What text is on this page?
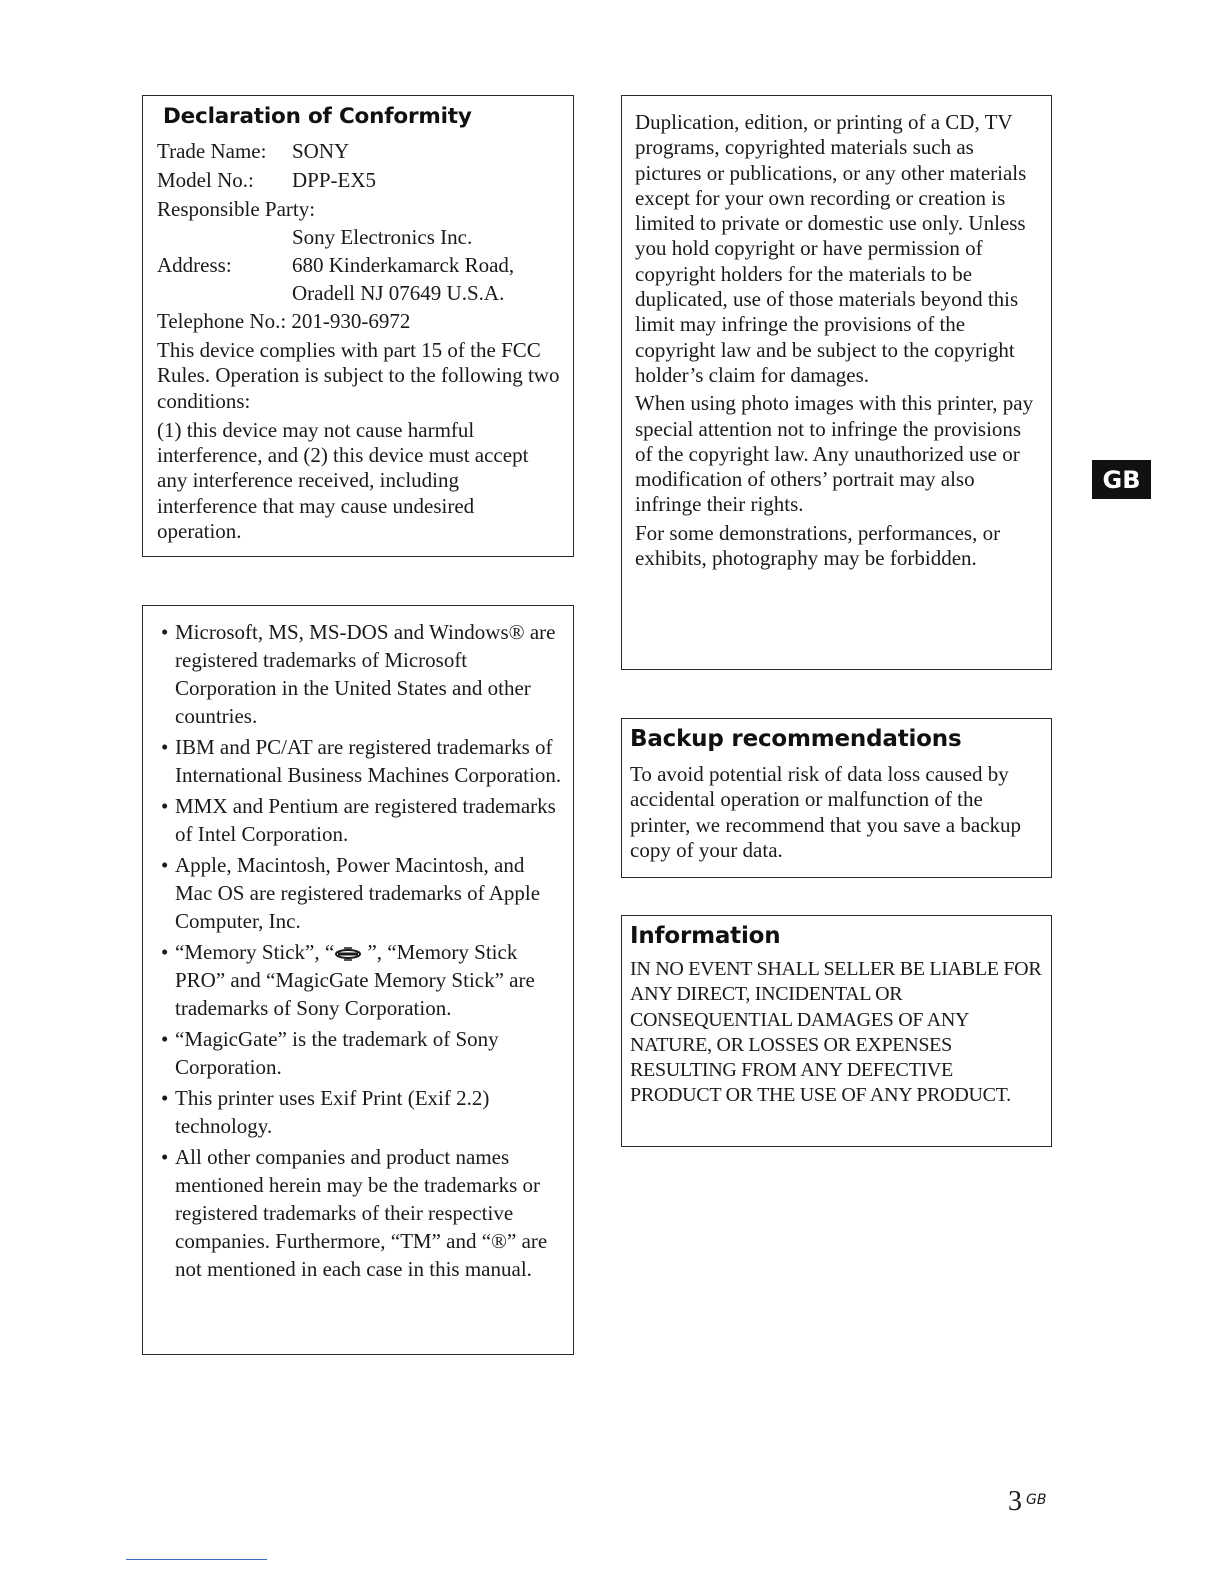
Declaration of Conformity
Trade Name:	SONY
Model No.:	DPP-EX5
Responsible Party:
Sony Electronics Inc.
Address:	680 Kinderkamarck Road,
Oradell NJ 07649 U.S.A.
Telephone No.: 201-930-6972

This device complies with part 15 of the FCC Rules. Operation is subject to the following two conditions:

(1) this device may not cause harmful interference, and (2) this device must accept any interference received, including interference that may cause undesired operation.

• Microsoft, MS, MS-DOS and Windows® are registered trademarks of Microsoft Corporation in the United States and other countries.
• IBM and PC/AT are registered trademarks of International Business Machines Corporation.
• MMX and Pentium are registered trademarks of Intel Corporation.
• Apple, Macintosh, Power Macintosh, and Mac OS are registered trademarks of Apple Computer, Inc.
• “Memory Stick”, “ ”, “Memory Stick PRO” and “MagicGate Memory Stick” are trademarks of Sony Corporation.
• “MagicGate” is the trademark of Sony Corporation.
• This printer uses Exif Print (Exif 2.2) technology.
• All other companies and product names mentioned herein may be the trademarks or registered trademarks of their respective companies. Furthermore, “TM” and “®” are not mentioned in each case in this manual.

Duplication, edition, or printing of a CD, TV programs, copyrighted materials such as pictures or publications, or any other materials except for your own recording or creation is limited to private or domestic use only. Unless you hold copyright or have permission of copyright holders for the materials to be duplicated, use of those materials beyond this limit may infringe the provisions of the copyright law and be subject to the copyright holder’s claim for damages.

When using photo images with this printer, pay special attention not to infringe the provisions of the copyright law. Any unauthorized use or modification of others’ portrait may also infringe their rights.

For some demonstrations, performances, or exhibits, photography may be forbidden.

Backup recommendations

To avoid potential risk of data loss caused by accidental operation or malfunction of the printer, we recommend that you save a backup copy of your data.

Information

IN NO EVENT SHALL SELLER BE LIABLE FOR ANY DIRECT, INCIDENTAL OR CONSEQUENTIAL DAMAGES OF ANY NATURE, OR LOSSES OR EXPENSES RESULTING FROM ANY DEFECTIVE PRODUCT OR THE USE OF ANY PRODUCT.

GB
3 $^{GB}$
